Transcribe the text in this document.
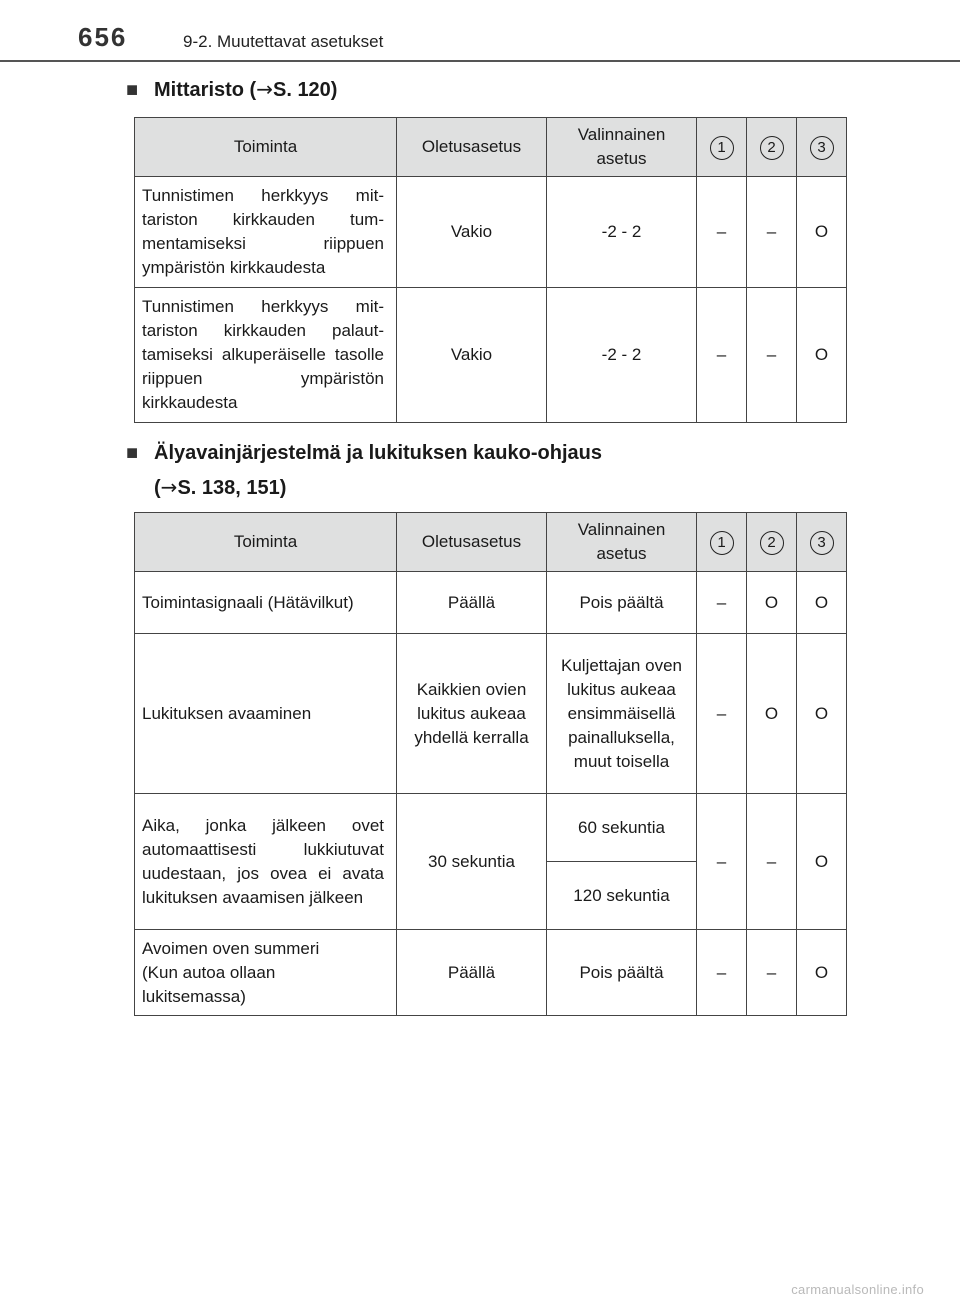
656	9-2. Muutettavat asetukset
■ Mittaristo (→S. 120)
Toiminta	Oletusasetus	Valinnainen asetus	1	2	3
Tunnistimen herkkyys mittariston kirkkauden tummentamiseksi riippuen ympäristön kirkkaudesta	Vakio	-2 - 2	–	–	O
Tunnistimen herkkyys mittariston kirkkauden palauttamiseksi alkuperäiselle tasolle riippuen ympäristön kirkkaudesta	Vakio	-2 - 2	–	–	O
■ Älyavainjärjestelmä ja lukituksen kauko-ohjaus
(→S. 138, 151)
Toiminta	Oletusasetus	Valinnainen asetus	1	2	3
Toimintasignaali (Hätävilkut)	Päällä	Pois päältä	–	O	O
Lukituksen avaaminen	Kaikkien ovien lukitus aukeaa yhdellä kerralla	Kuljettajan oven lukitus aukeaa ensimmäisellä painalluksella, muut toisella	–	O	O
Aika, jonka jälkeen ovet automaattisesti lukkiutuvat uudestaan, jos ovea ei avata lukituksen avaamisen jälkeen	30 sekuntia	60 sekuntia	–	–	O
		120 sekuntia			
Avoimen oven summeri (Kun autoa ollaan lukitsemassa)	Päällä	Pois päältä	–	–	O
carmanualsonline.info
